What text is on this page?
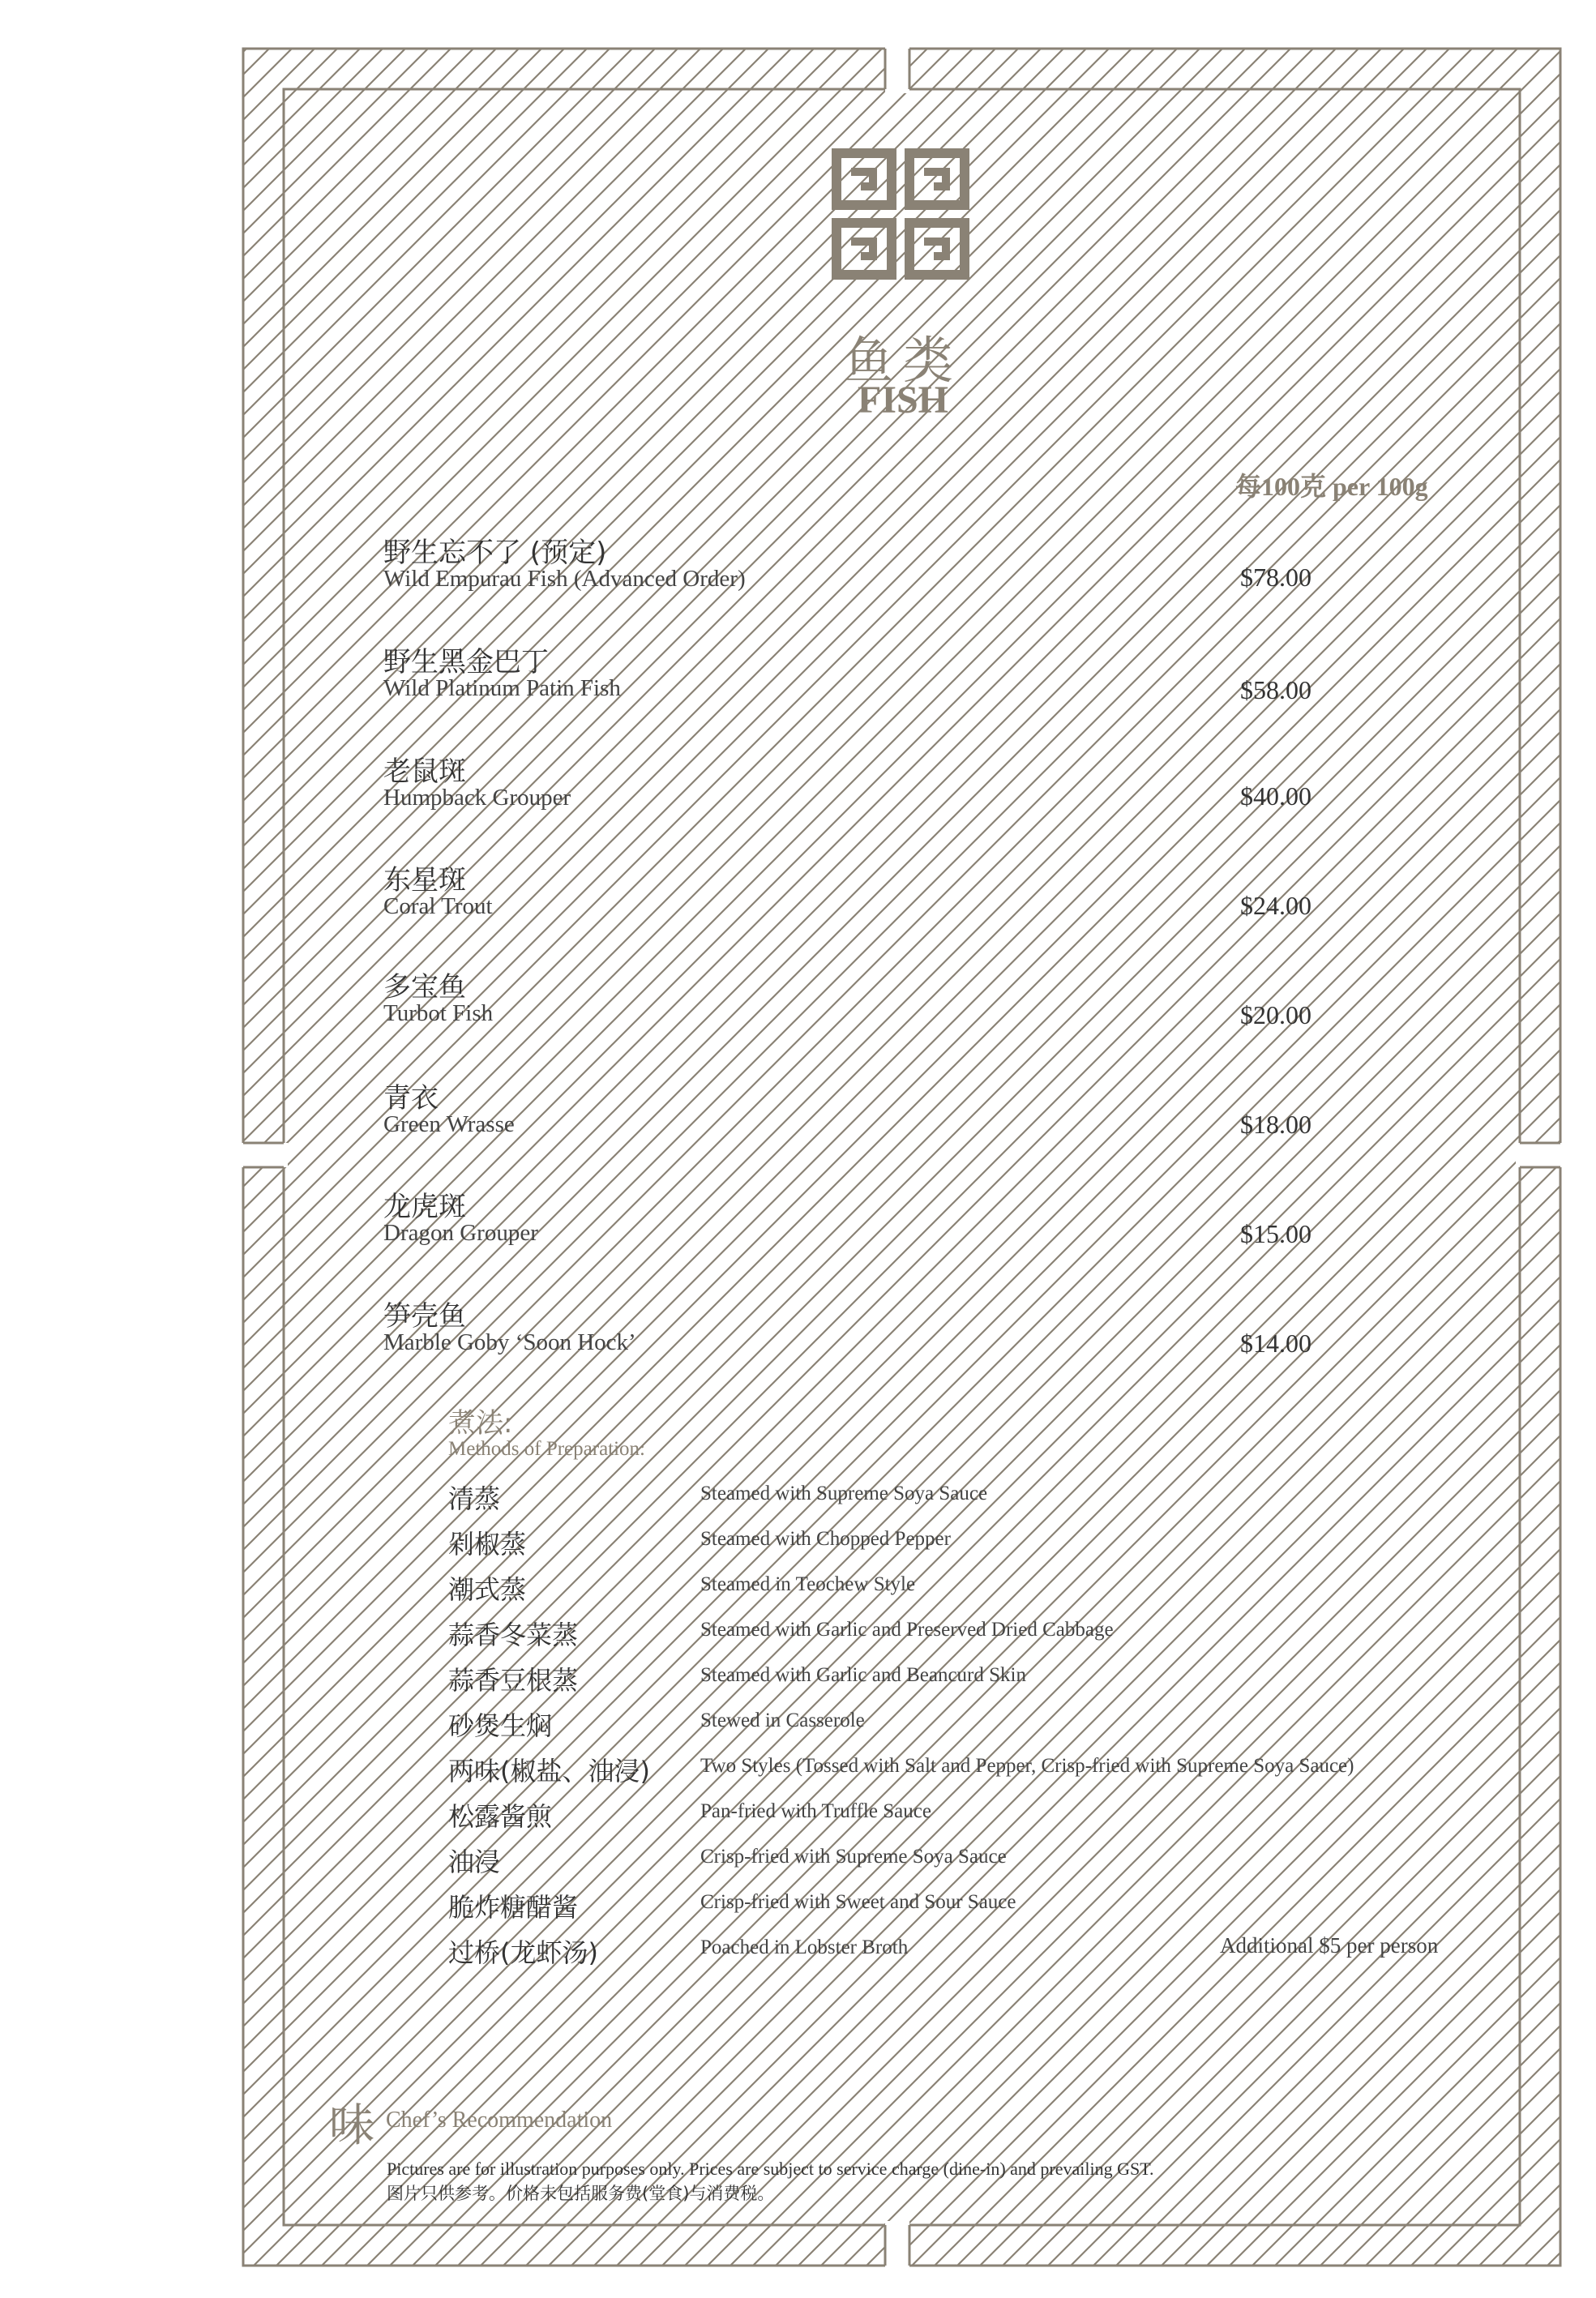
鱼类
FISH
每100克 per 100g
野生忘不了 (预定)
Wild Empurau Fish (Advanced Order)	$78.00
野生黑金巴丁
Wild Platinum Patin Fish	$58.00
老鼠斑
Humpback Grouper	$40.00
东星斑
Coral Trout	$24.00
多宝鱼
Turbot Fish	$20.00
青衣
Green Wrasse	$18.00
龙虎斑
Dragon Grouper	$15.00
笋壳鱼
Marble Goby ‘Soon Hock’	$14.00
煮法:
Methods of Preparation:
清蒸	Steamed with Supreme Soya Sauce
剁椒蒸	Steamed with Chopped Pepper
潮式蒸	Steamed in Teochew Style
蒜香冬菜蒸	Steamed with Garlic and Preserved Dried Cabbage
蒜香豆根蒸	Steamed with Garlic and Beancurd Skin
砂煲生焖	Stewed in Casserole
两味(椒盐、油浸) Two Styles (Tossed with Salt and Pepper, Crisp-fried with Supreme Soya Sauce)
松露酱煎	Pan-fried with Truffle Sauce
油浸	Crisp-fried with Supreme Soya Sauce
脆炸糖醋酱	Crisp-fried with Sweet and Sour Sauce
过桥(龙虾汤)	Poached in Lobster Broth	Additional $5 per person
味 Chef’s Recommendation
Pictures are for illustration purposes only. Prices are subject to service charge (dine-in) and prevailing GST.
图片只供参考。价格未包括服务费(堂食)与消费税。
